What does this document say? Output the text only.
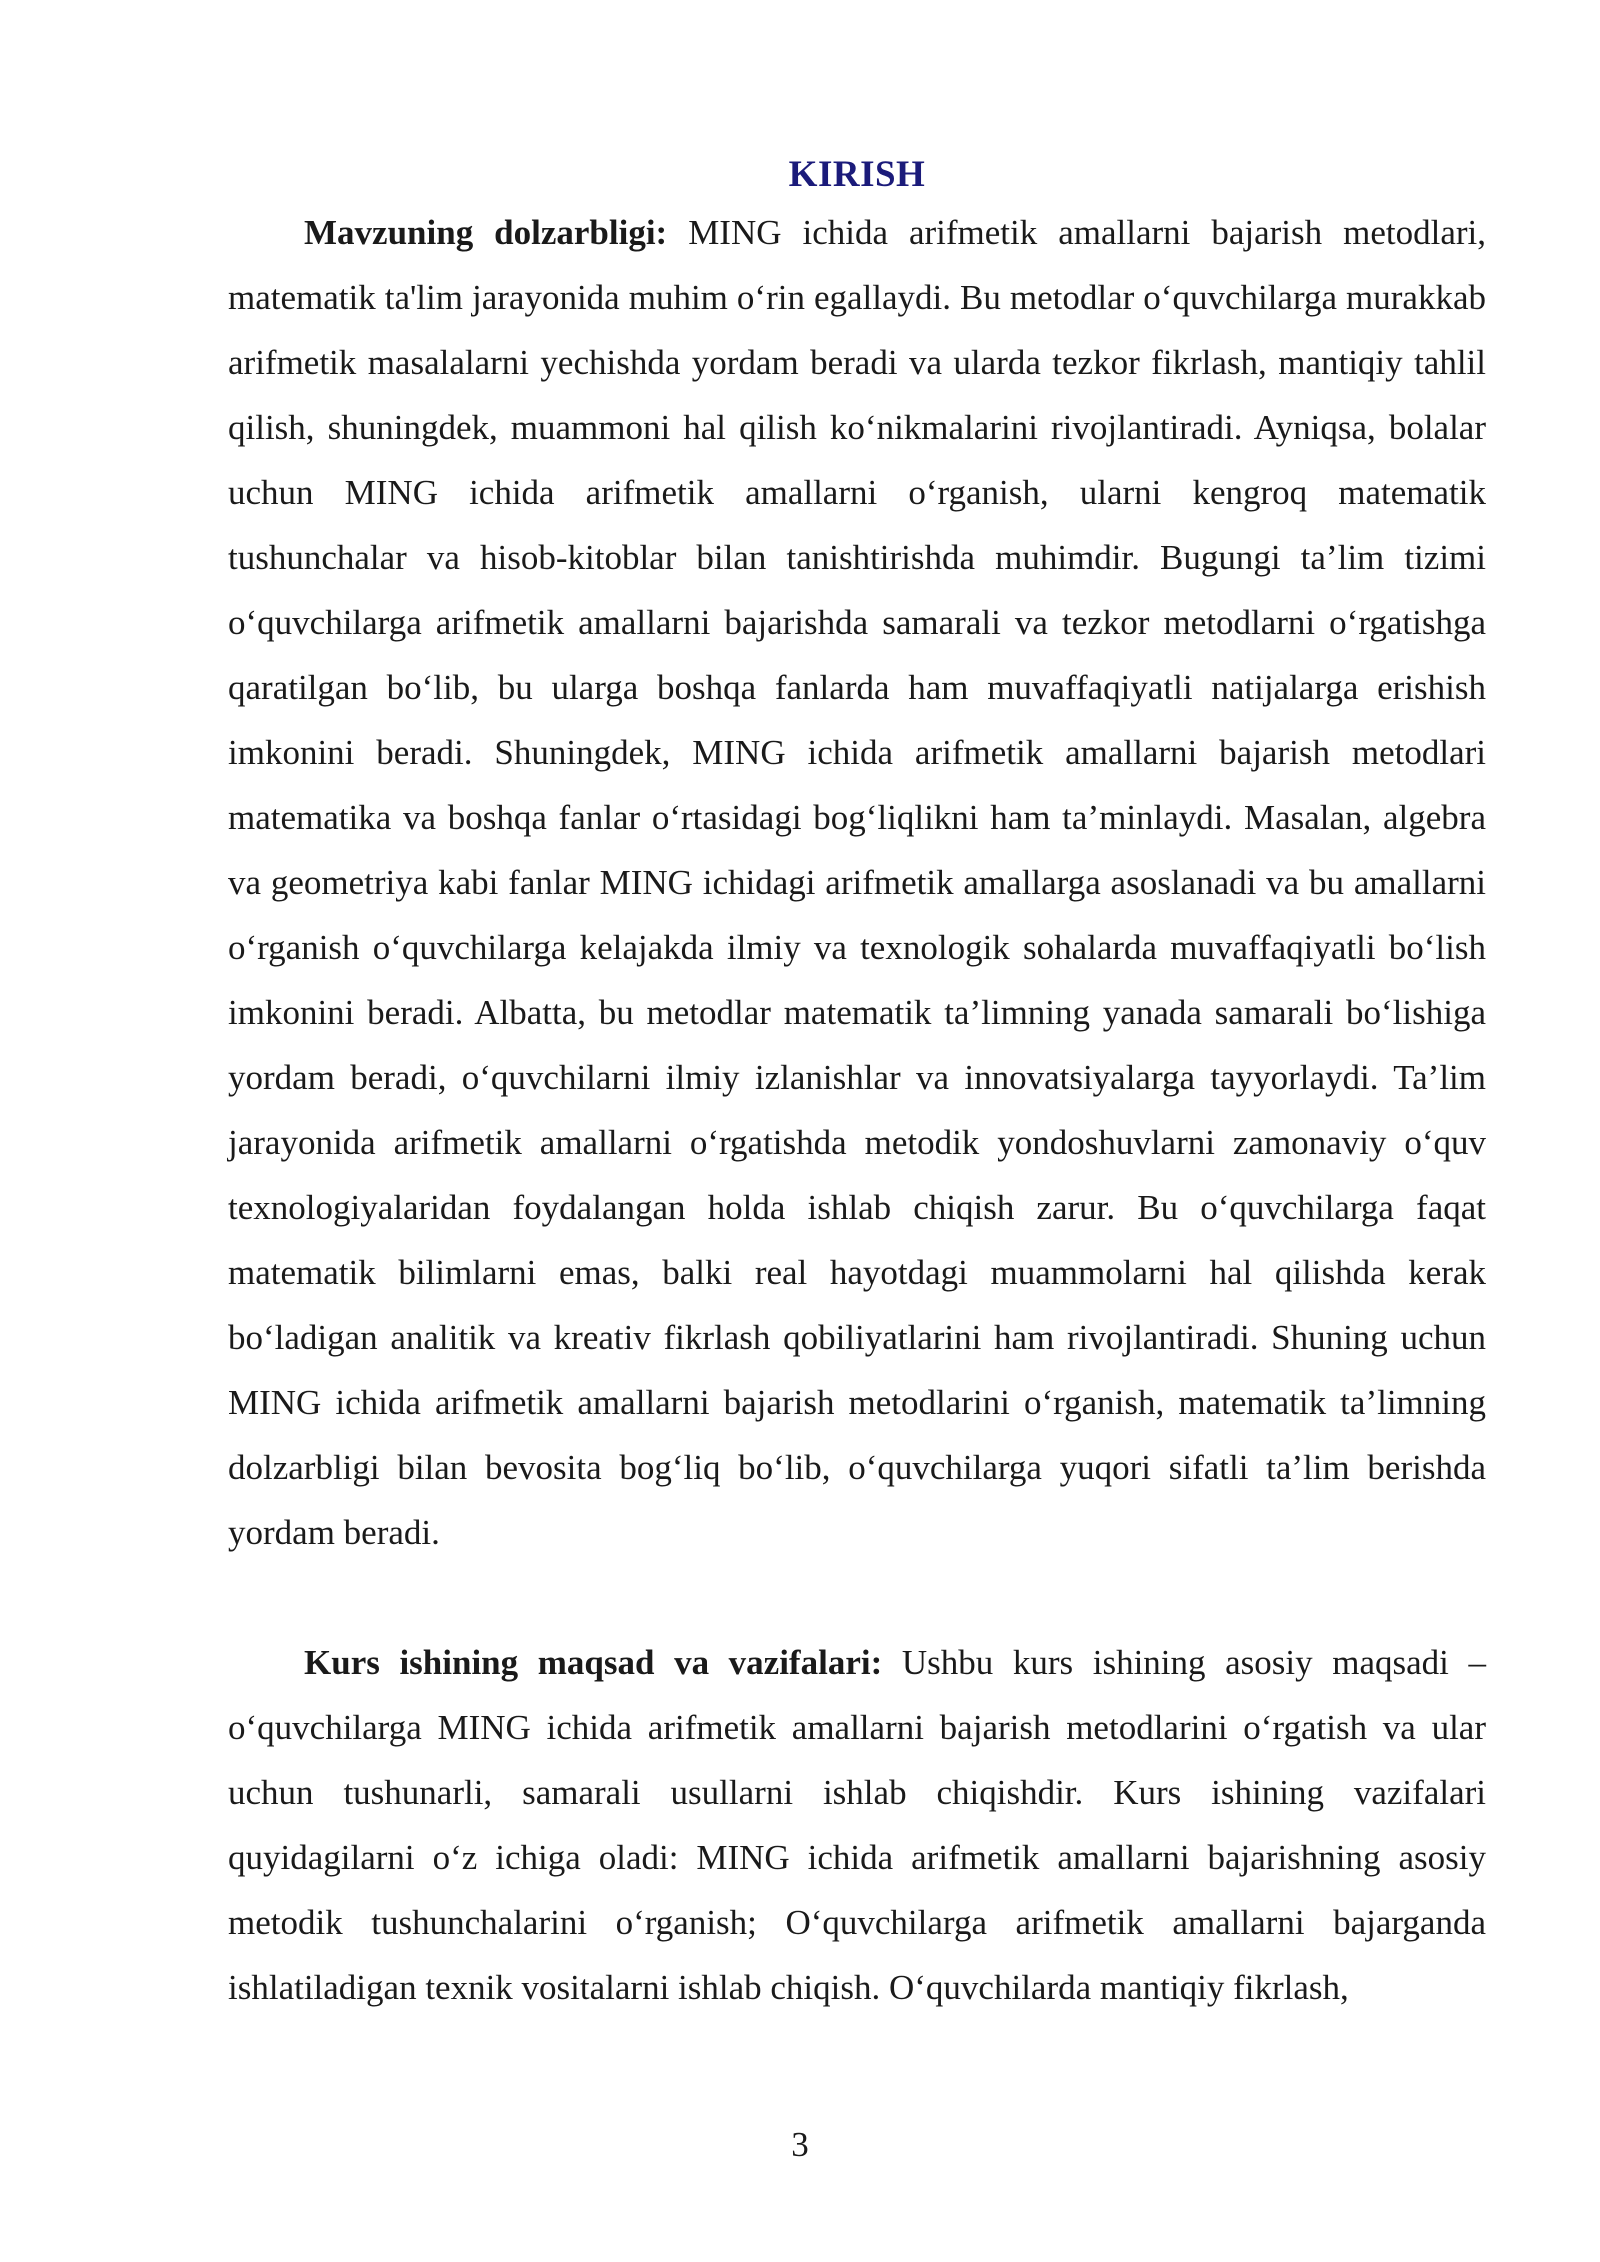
KIRISH

Mavzuning dolzarbligi: MING ichida arifmetik amallarni bajarish metodlari, matematik ta'lim jarayonida muhim oʻrin egallaydi. Bu metodlar oʻquvchilarga murakkab arifmetik masalalarni yechishda yordam beradi va ularda tezkor fikrlash, mantiqiy tahlil qilish, shuningdek, muammoni hal qilish koʻnikmalarini rivojlantiradi. Ayniqsa, bolalar uchun MING ichida arifmetik amallarni oʻrganish, ularni kengroq matematik tushunchalar va hisob-kitoblar bilan tanishtirishda muhimdir. Bugungi ta’lim tizimi oʻquvchilarga arifmetik amallarni bajarishda samarali va tezkor metodlarni oʻrgatishga qaratilgan boʻlib, bu ularga boshqa fanlarda ham muvaffaqiyatli natijalarga erishish imkonini beradi. Shuningdek, MING ichida arifmetik amallarni bajarish metodlari matematika va boshqa fanlar oʻrtasidagi bogʻliqlikni ham ta’minlaydi. Masalan, algebra va geometriya kabi fanlar MING ichidagi arifmetik amallarga asoslanadi va bu amallarni oʻrganish oʻquvchilarga kelajakda ilmiy va texnologik sohalarda muvaffaqiyatli boʻlish imkonini beradi. Albatta, bu metodlar matematik ta’limning yanada samarali boʻlishiga yordam beradi, oʻquvchilarni ilmiy izlanishlar va innovatsiyalarga tayyorlaydi. Ta’lim jarayonida arifmetik amallarni oʻrgatishda metodik yondoshuvlarni zamonaviy oʻquv texnologiyalaridan foydalangan holda ishlab chiqish zarur. Bu oʻquvchilarga faqat matematik bilimlarni emas, balki real hayotdagi muammolarni hal qilishda kerak boʻladigan analitik va kreativ fikrlash qobiliyatlarini ham rivojlantiradi. Shuning uchun MING ichida arifmetik amallarni bajarish metodlarini oʻrganish, matematik ta’limning dolzarbligi bilan bevosita bogʻliq boʻlib, oʻquvchilarga yuqori sifatli ta’lim berishda yordam beradi.

Kurs ishining maqsad va vazifalari: Ushbu kurs ishining asosiy maqsadi – oʻquvchilarga MING ichida arifmetik amallarni bajarish metodlarini oʻrgatish va ular uchun tushunarli, samarali usullarni ishlab chiqishdir. Kurs ishining vazifalari quyidagilarni oʻz ichiga oladi: MING ichida arifmetik amallarni bajarishning asosiy metodik tushunchalarini oʻrganish; Oʻquvchilarga arifmetik amallarni bajarganda ishlatiladigan texnik vositalarni ishlab chiqish. Oʻquvchilarda mantiqiy fikrlash,

3
